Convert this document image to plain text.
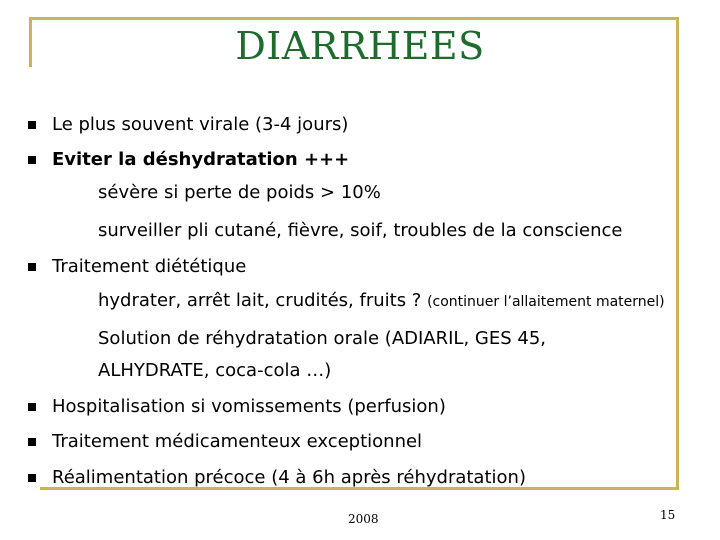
DIARRHEES
Le plus souvent virale (3-4 jours)
Eviter la déshydratation +++
sévère si perte de poids > 10%
surveiller pli cutané, fièvre, soif, troubles de la conscience
Traitement diététique
hydrater, arrêt lait, crudités, fruits ? (continuer l’allaitement maternel)
Solution de réhydratation orale (ADIARIL, GES 45,
ALHYDRATE, coca-cola …)
Hospitalisation si vomissements (perfusion)
Traitement médicamenteux exceptionnel
Réalimentation précoce (4 à 6h après réhydratation)
2008	15
